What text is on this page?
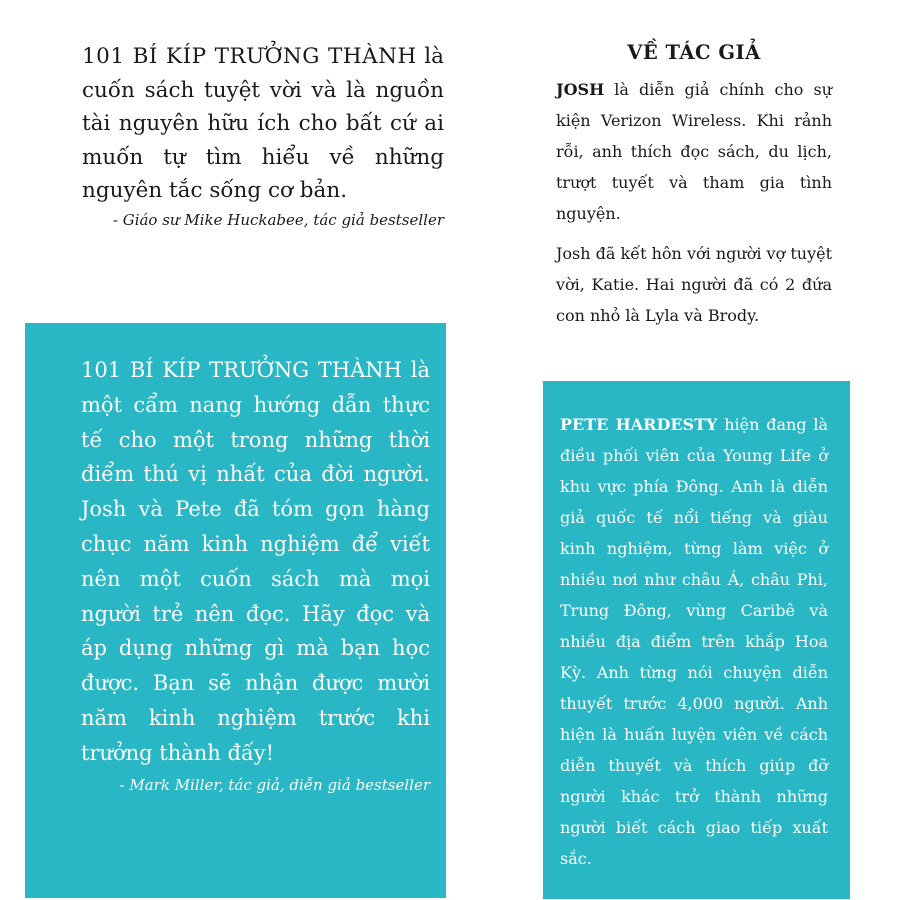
101 BÍ KÍP TRƯỞNG THÀNH là cuốn sách tuyệt vời và là nguồn tài nguyên hữu ích cho bất cứ ai muốn tự tìm hiểu về những nguyên tắc sống cơ bản.

- Giáo sư Mike Huckabee, tác giả bestseller

101 BÍ KÍP TRƯỞNG THÀNH là một cẩm nang hướng dẫn thực tế cho một trong những thời điểm thú vị nhất của đời người. Josh và Pete đã tóm gọn hàng chục năm kinh nghiệm để viết nên một cuốn sách mà mọi người trẻ nên đọc. Hãy đọc và áp dụng những gì mà bạn học được. Bạn sẽ nhận được mười năm kinh nghiệm trước khi trưởng thành đấy!

- Mark Miller, tác giả, diễn giả bestseller

VỀ TÁC GIẢ

JOSH là diễn giả chính cho sự kiện Verizon Wireless. Khi rảnh rỗi, anh thích đọc sách, du lịch, trượt tuyết và tham gia tình nguyện.

Josh đã kết hôn với người vợ tuyệt vời, Katie. Hai người đã có 2 đứa con nhỏ là Lyla và Brody.

PETE HARDESTY hiện đang là điều phối viên của Young Life ở khu vực phía Đông. Anh là diễn giả quốc tế nổi tiếng và giàu kinh nghiệm, từng làm việc ở nhiều nơi như châu Á, châu Phi, Trung Đông, vùng Caribê và nhiều địa điểm trên khắp Hoa Kỳ. Anh từng nói chuyện diễn thuyết trước 4,000 người. Anh hiện là huấn luyện viên về cách diễn thuyết và thích giúp đỡ người khác trở thành những người biết cách giao tiếp xuất sắc.
